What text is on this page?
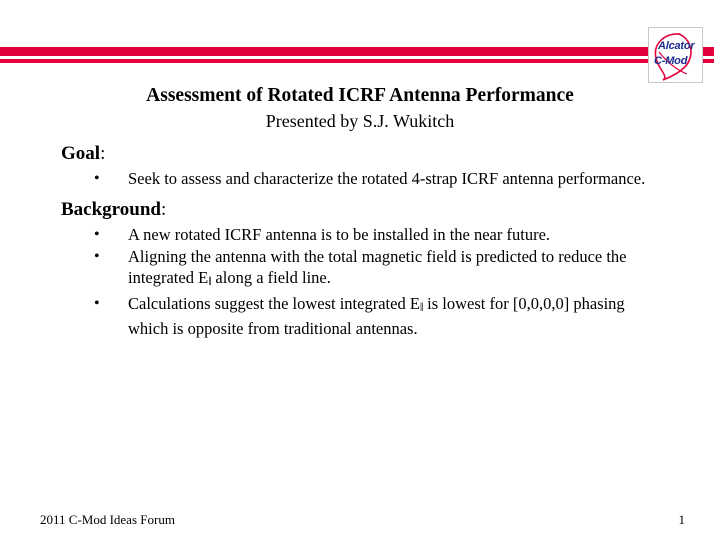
Alcator
C-Mod
Assessment of Rotated ICRF Antenna Performance
Presented by S.J. Wukitch
Goal:
• Seek to assess and characterize the rotated 4-strap ICRF antenna performance.
Background:
• A new rotated ICRF antenna is to be installed in the near future.
• Aligning the antenna with the total magnetic field is predicted to reduce the integrated $E_‖$ along a field line.
• Calculations suggest the lowest integrated $E_‖$ is lowest for [0,0,0,0] phasing which is opposite from traditional antennas.
2011 C-Mod Ideas Forum	1
